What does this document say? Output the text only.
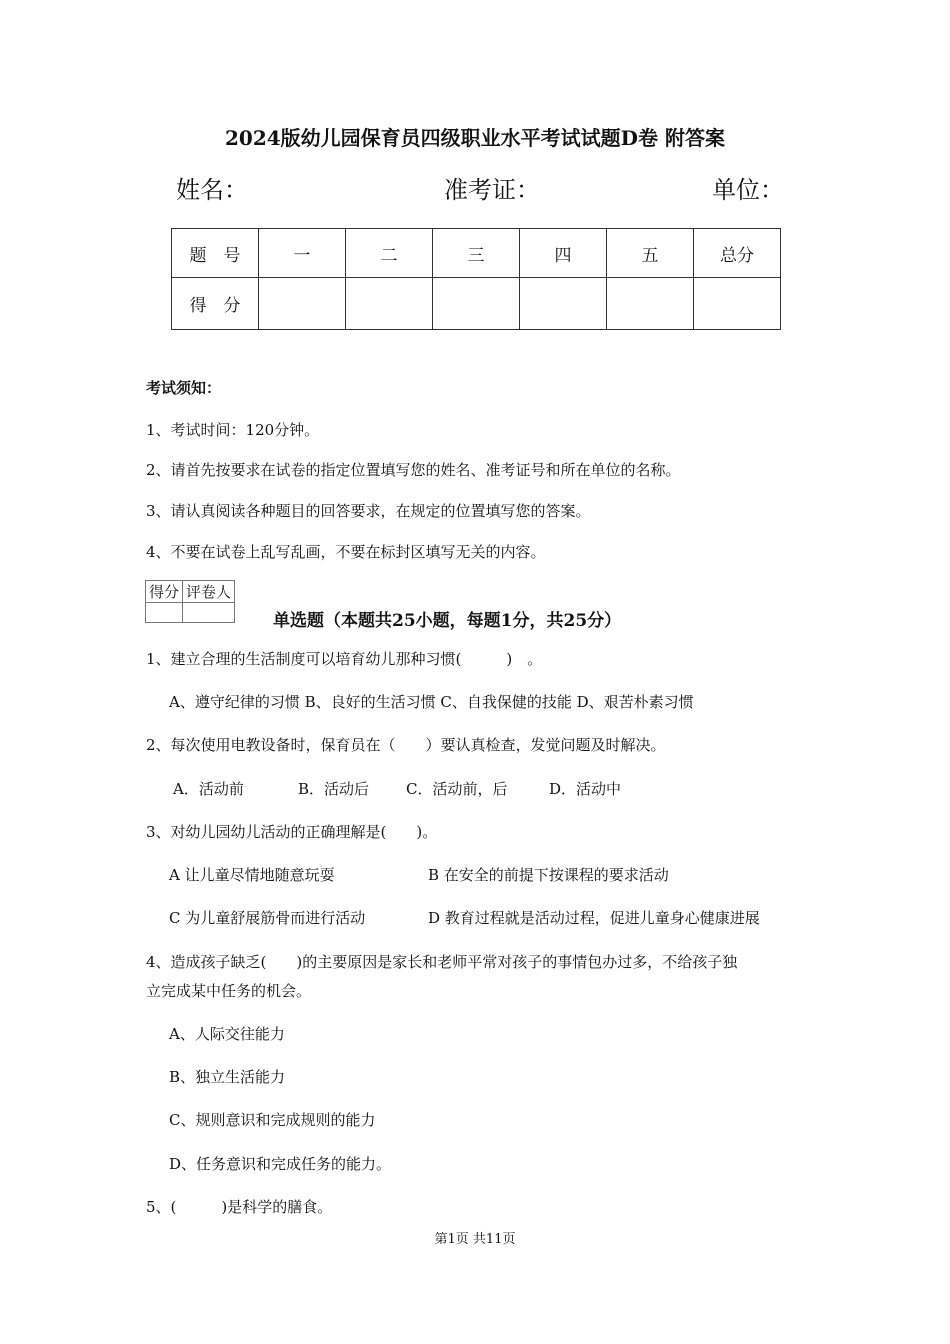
2024版幼儿园保育员四级职业水平考试试题D卷 附答案
姓名：	准考证：	单位：
题　号	一	二	三	四	五	总分
得　分						
考试须知：
1、考试时间：120分钟。
2、请首先按要求在试卷的指定位置填写您的姓名、准考证号和所在单位的名称。
3、请认真阅读各种题目的回答要求，在规定的位置填写您的答案。
4、不要在试卷上乱写乱画，不要在标封区填写无关的内容。
得分	评卷人

单选题（本题共25小题，每题1分，共25分）
1、建立合理的生活制度可以培育幼儿那种习惯(　　　)　。
A、遵守纪律的习惯 B、良好的生活习惯 C、自我保健的技能 D、艰苦朴素习惯
2、每次使用电教设备时，保育员在（　　）要认真检查，发觉问题及时解决。
A．活动前	B．活动后 C．活动前，后	D．活动中
3、对幼儿园幼儿活动的正确理解是(　　)。
A 让儿童尽情地随意玩耍	B 在安全的前提下按课程的要求活动
C 为儿童舒展筋骨而进行活动	D 教育过程就是活动过程，促进儿童身心健康进展
4、造成孩子缺乏(　　)的主要原因是家长和老师平常对孩子的事情包办过多，不给孩子独
立完成某中任务的机会。
A、人际交往能力
B、独立生活能力
C、规则意识和完成规则的能力
D、任务意识和完成任务的能力。
5、(　　　)是科学的膳食。
第1页 共11页
